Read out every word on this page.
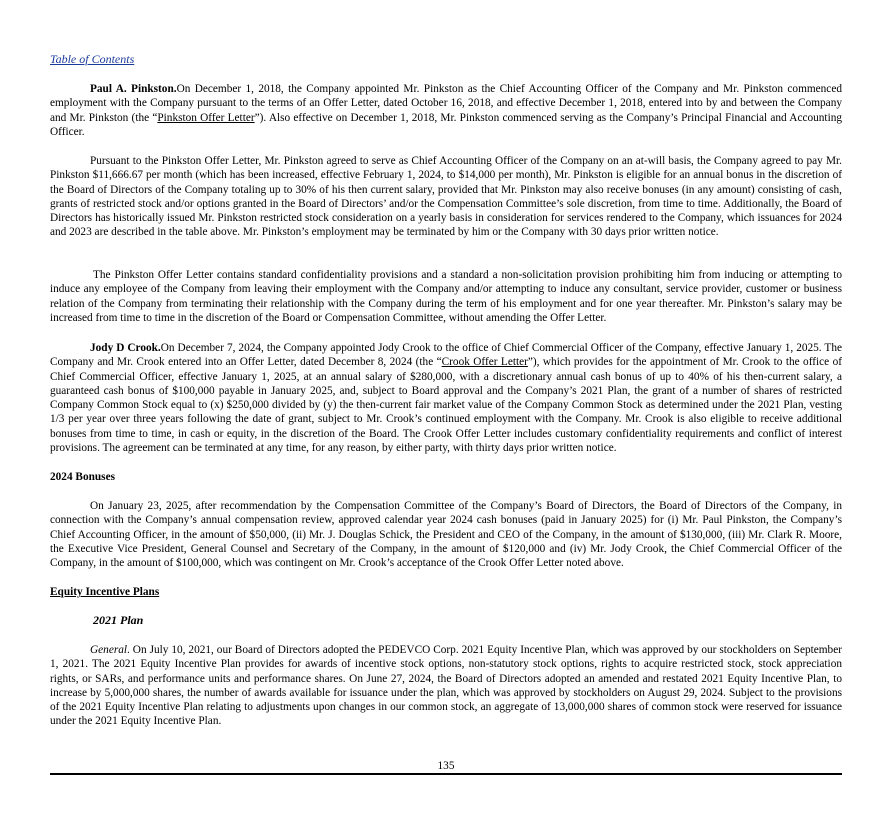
Table of Contents

Paul A. Pinkston.On December 1, 2018, the Company appointed Mr. Pinkston as the Chief Accounting Officer of the Company and Mr. Pinkston commenced employment with the Company pursuant to the terms of an Offer Letter, dated October 16, 2018, and effective December 1, 2018, entered into by and between the Company and Mr. Pinkston (the “Pinkston Offer Letter”). Also effective on December 1, 2018, Mr. Pinkston commenced serving as the Company’s Principal Financial and Accounting Officer.

Pursuant to the Pinkston Offer Letter, Mr. Pinkston agreed to serve as Chief Accounting Officer of the Company on an at-will basis, the Company agreed to pay Mr. Pinkston $11,666.67 per month (which has been increased, effective February 1, 2024, to $14,000 per month), Mr. Pinkston is eligible for an annual bonus in the discretion of the Board of Directors of the Company totaling up to 30% of his then current salary, provided that Mr. Pinkston may also receive bonuses (in any amount) consisting of cash, grants of restricted stock and/or options granted in the Board of Directors’ and/or the Compensation Committee’s sole discretion, from time to time. Additionally, the Board of Directors has historically issued Mr. Pinkston restricted stock consideration on a yearly basis in consideration for services rendered to the Company, which issuances for 2024 and 2023 are described in the table above. Mr. Pinkston’s employment may be terminated by him or the Company with 30 days prior written notice.

The Pinkston Offer Letter contains standard confidentiality provisions and a standard a non-solicitation provision prohibiting him from inducing or attempting to induce any employee of the Company from leaving their employment with the Company and/or attempting to induce any consultant, service provider, customer or business relation of the Company from terminating their relationship with the Company during the term of his employment and for one year thereafter. Mr. Pinkston’s salary may be increased from time to time in the discretion of the Board or Compensation Committee, without amending the Offer Letter.

Jody D Crook.On December 7, 2024, the Company appointed Jody Crook to the office of Chief Commercial Officer of the Company, effective January 1, 2025. The Company and Mr. Crook entered into an Offer Letter, dated December 8, 2024 (the “Crook Offer Letter”), which provides for the appointment of Mr. Crook to the office of Chief Commercial Officer, effective January 1, 2025, at an annual salary of $280,000, with a discretionary annual cash bonus of up to 40% of his then-current salary, a guaranteed cash bonus of $100,000 payable in January 2025, and, subject to Board approval and the Company’s 2021 Plan, the grant of a number of shares of restricted Company Common Stock equal to (x) $250,000 divided by (y) the then-current fair market value of the Company Common Stock as determined under the 2021 Plan, vesting 1/3 per year over three years following the date of grant, subject to Mr. Crook’s continued employment with the Company. Mr. Crook is also eligible to receive additional bonuses from time to time, in cash or equity, in the discretion of the Board. The Crook Offer Letter includes customary confidentiality requirements and conflict of interest provisions. The agreement can be terminated at any time, for any reason, by either party, with thirty days prior written notice.

2024 Bonuses

On January 23, 2025, after recommendation by the Compensation Committee of the Company’s Board of Directors, the Board of Directors of the Company, in connection with the Company’s annual compensation review, approved calendar year 2024 cash bonuses (paid in January 2025) for (i) Mr. Paul Pinkston, the Company’s Chief Accounting Officer, in the amount of $50,000, (ii) Mr. J. Douglas Schick, the President and CEO of the Company, in the amount of $130,000, (iii) Mr. Clark R. Moore, the Executive Vice President, General Counsel and Secretary of the Company, in the amount of $120,000 and (iv) Mr. Jody Crook, the Chief Commercial Officer of the Company, in the amount of $100,000, which was contingent on Mr. Crook’s acceptance of the Crook Offer Letter noted above.

Equity Incentive Plans
2021 Plan

General. On July 10, 2021, our Board of Directors adopted the PEDEVCO Corp. 2021 Equity Incentive Plan, which was approved by our stockholders on September 1, 2021. The 2021 Equity Incentive Plan provides for awards of incentive stock options, non-statutory stock options, rights to acquire restricted stock, stock appreciation rights, or SARs, and performance units and performance shares. On June 27, 2024, the Board of Directors adopted an amended and restated 2021 Equity Incentive Plan, to increase by 5,000,000 shares, the number of awards available for issuance under the plan, which was approved by stockholders on August 29, 2024. Subject to the provisions of the 2021 Equity Incentive Plan relating to adjustments upon changes in our common stock, an aggregate of 13,000,000 shares of common stock were reserved for issuance under the 2021 Equity Incentive Plan.

135
